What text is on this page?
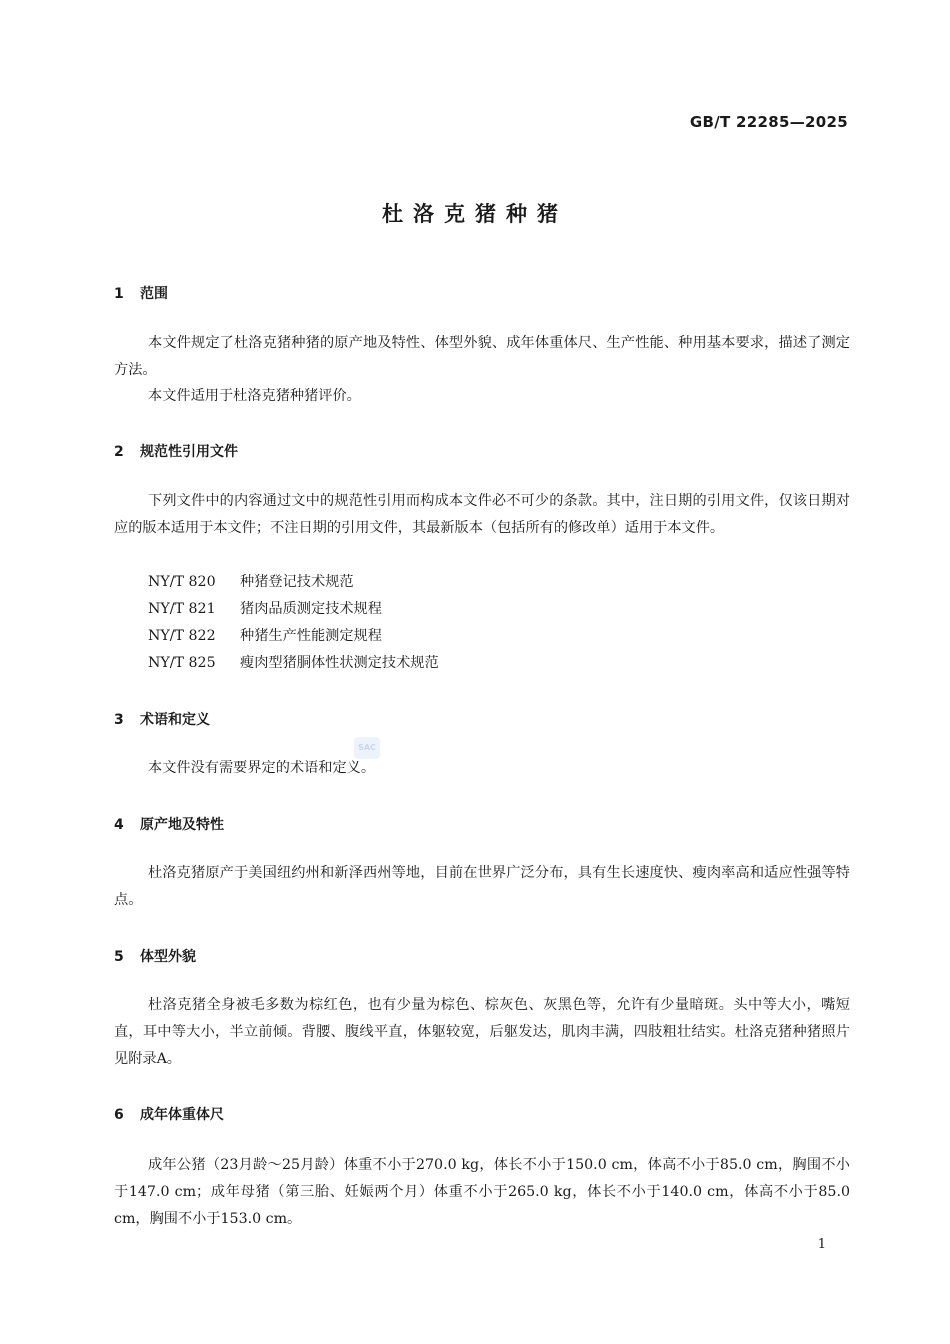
GB/T 22285—2025
杜洛克猪种猪
1 范围

本文件规定了杜洛克猪种猪的原产地及特性、体型外貌、成年体重体尺、生产性能、种用基本要求，描述了测定方法。

本文件适用于杜洛克猪种猪评价。

2 规范性引用文件

下列文件中的内容通过文中的规范性引用而构成本文件必不可少的条款。其中，注日期的引用文件，仅该日期对应的版本适用于本文件；不注日期的引用文件，其最新版本（包括所有的修改单）适用于本文件。

NY/T 820 种猪登记技术规范
NY/T 821 猪肉品质测定技术规程
NY/T 822 种猪生产性能测定规程
NY/T 825 瘦肉型猪胴体性状测定技术规范
3 术语和定义
SAC

本文件没有需要界定的术语和定义。

4 原产地及特性

杜洛克猪原产于美国纽约州和新泽西州等地，目前在世界广泛分布，具有生长速度快、瘦肉率高和适应性强等特点。

5 体型外貌

杜洛克猪全身被毛多数为棕红色，也有少量为棕色、棕灰色、灰黑色等，允许有少量暗斑。头中等大小，嘴短直，耳中等大小，半立前倾。背腰、腹线平直，体躯较宽，后躯发达，肌肉丰满，四肢粗壮结实。杜洛克猪种猪照片见附录A。

6 成年体重体尺

成年公猪（23月龄～25月龄）体重不小于270.0 kg，体长不小于150.0 cm，体高不小于85.0 cm，胸围不小于147.0 cm；成年母猪（第三胎、妊娠两个月）体重不小于265.0 kg，体长不小于140.0 cm，体高不小于85.0 cm，胸围不小于153.0 cm。

1
